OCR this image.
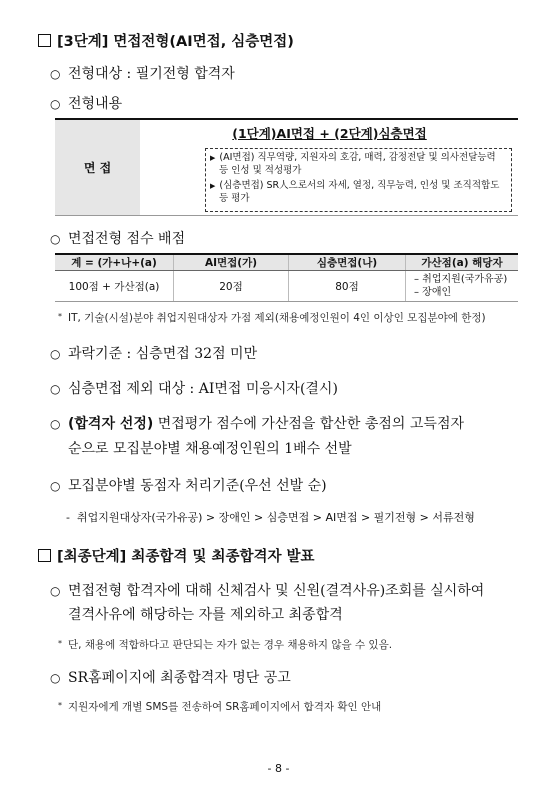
[3단계] 면접전형(AI면접, 심층면접)
○ 전형대상 : 필기전형 합격자
○ 전형내용
면 접
(1단계)AI면접 + (2단계)심층면접
▶ (AI면접) 직무역량, 지원자의 호감, 매력, 감정전달 및 의사전달능력
등 인성 및 적성평가
▶ (심층면접) SR人으로서의 자세, 열정, 직무능력, 인성 및 조직적합도
등 평가
○ 면접전형 점수 배점
계 = (가+나+(a)	AI면접(가)	심층면접(나)	가산점(a) 해당자
100점 + 가산점(a)	20점	80점	– 취업지원(국가유공)
– 장애인
* IT, 기술(시설)분야 취업지원대상자 가점 제외(채용예정인원이 4인 이상인 모집분야에 한정)
○ 과락기준 : 심층면접 32점 미만
○ 심층면접 제외 대상 : AI면접 미응시자(결시)
○ (합격자 선정) 면접평가 점수에 가산점을 합산한 총점의 고득점자
순으로 모집분야별 채용예정인원의 1배수 선발
○ 모집분야별 동점자 처리기준(우선 선발 순)
-  취업지원대상자(국가유공) > 장애인 > 심층면접 > AI면접 > 필기전형 > 서류전형
[최종단계] 최종합격 및 최종합격자 발표
○ 면접전형 합격자에 대해 신체검사 및 신원(결격사유)조회를 실시하여
결격사유에 해당하는 자를 제외하고 최종합격
* 단, 채용에 적합하다고 판단되는 자가 없는 경우 채용하지 않을 수 있음.
○ SR홈페이지에 최종합격자 명단 공고
* 지원자에게 개별 SMS를 전송하여 SR홈페이지에서 합격자 확인 안내
- 8 -
